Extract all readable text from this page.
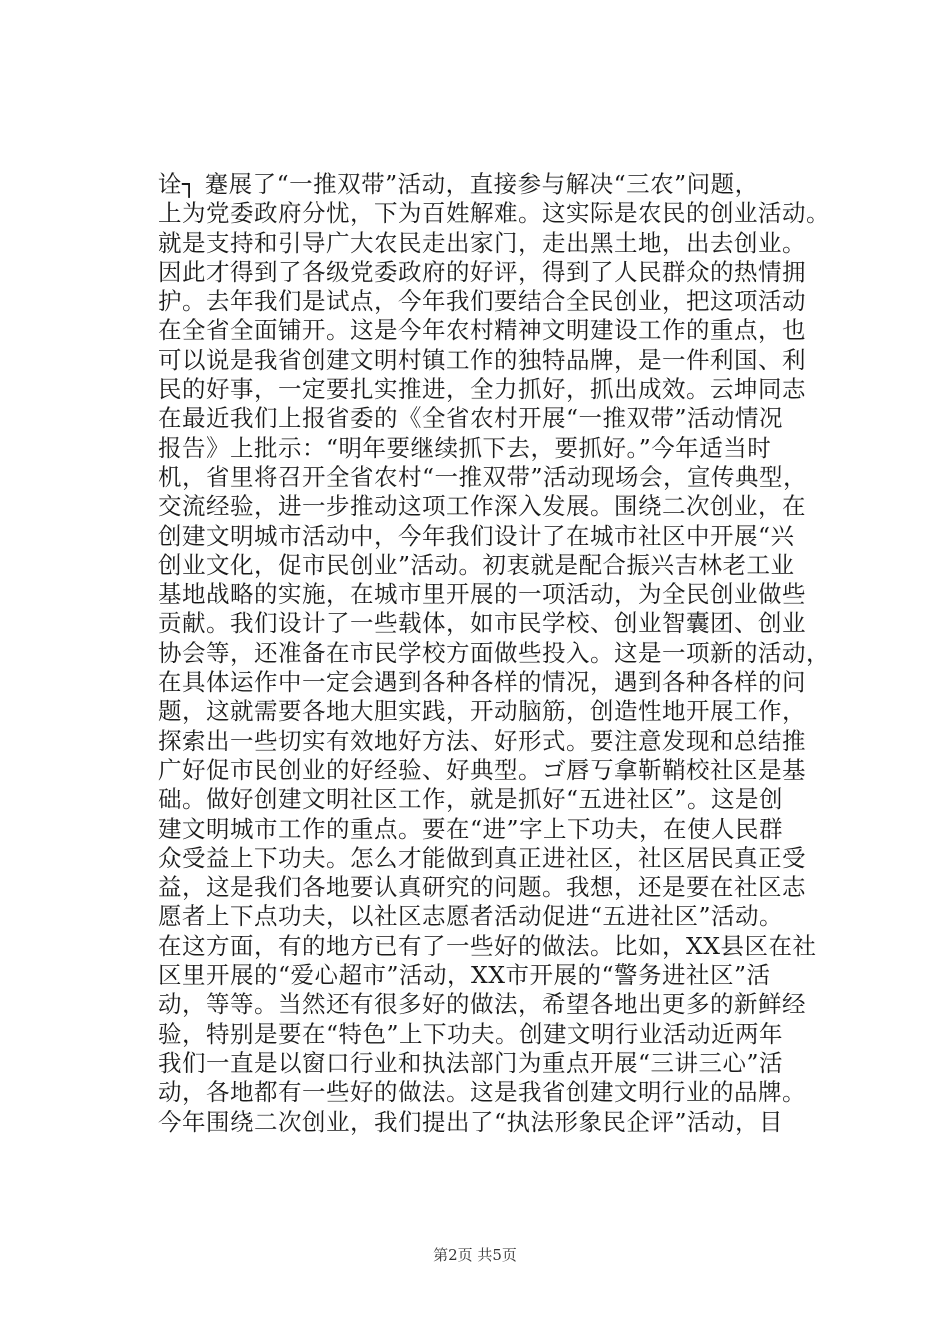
诠┐ 蹇展了“一推双带”活动，直接参与解决“三农”问题，
上为党委政府分忧，下为百姓解难。这实际是农民的创业活动。
就是支持和引导广大农民走出家门，走出黑土地，出去创业。
因此才得到了各级党委政府的好评，得到了人民群众的热情拥
护。去年我们是试点，今年我们要结合全民创业，把这项活动
在全省全面铺开。这是今年农村精神文明建设工作的重点，也
可以说是我省创建文明村镇工作的独特品牌，是一件利国、利
民的好事，一定要扎实推进，全力抓好，抓出成效。云坤同志
在最近我们上报省委的《全省农村开展“一推双带”活动情况
报告》上批示：“明年要继续抓下去，要抓好。”今年适当时
机，省里将召开全省农村“一推双带”活动现场会，宣传典型，
交流经验，进一步推动这项工作深入发展。围绕二次创业，在
创建文明城市活动中，今年我们设计了在城市社区中开展“兴
创业文化，促市民创业”活动。初衷就是配合振兴吉林老工业
基地战略的实施，在城市里开展的一项活动，为全民创业做些
贡献。我们设计了一些载体，如市民学校、创业智囊团、创业
协会等，还准备在市民学校方面做些投入。这是一项新的活动，
在具体运作中一定会遇到各种各样的情况，遇到各种各样的问
题，这就需要各地大胆实践，开动脑筋，创造性地开展工作，
探索出一些切实有效地好方法、好形式。要注意发现和总结推
广好促市民创业的好经验、好典型。ゴ唇丂拿靳鞘校社区是基
础。做好创建文明社区工作，就是抓好“五进社区”。这是创
建文明城市工作的重点。要在“进”字上下功夫，在使人民群
众受益上下功夫。怎么才能做到真正进社区，社区居民真正受
益，这是我们各地要认真研究的问题。我想，还是要在社区志
愿者上下点功夫，以社区志愿者活动促进“五进社区”活动。
在这方面，有的地方已有了一些好的做法。比如，XX县区在社
区里开展的“爱心超市”活动，XX市开展的“警务进社区”活
动，等等。当然还有很多好的做法，希望各地出更多的新鲜经
验，特别是要在“特色”上下功夫。创建文明行业活动近两年
我们一直是以窗口行业和执法部门为重点开展“三讲三心”活
动，各地都有一些好的做法。这是我省创建文明行业的品牌。
今年围绕二次创业，我们提出了“执法形象民企评”活动，目
第2页 共5页
